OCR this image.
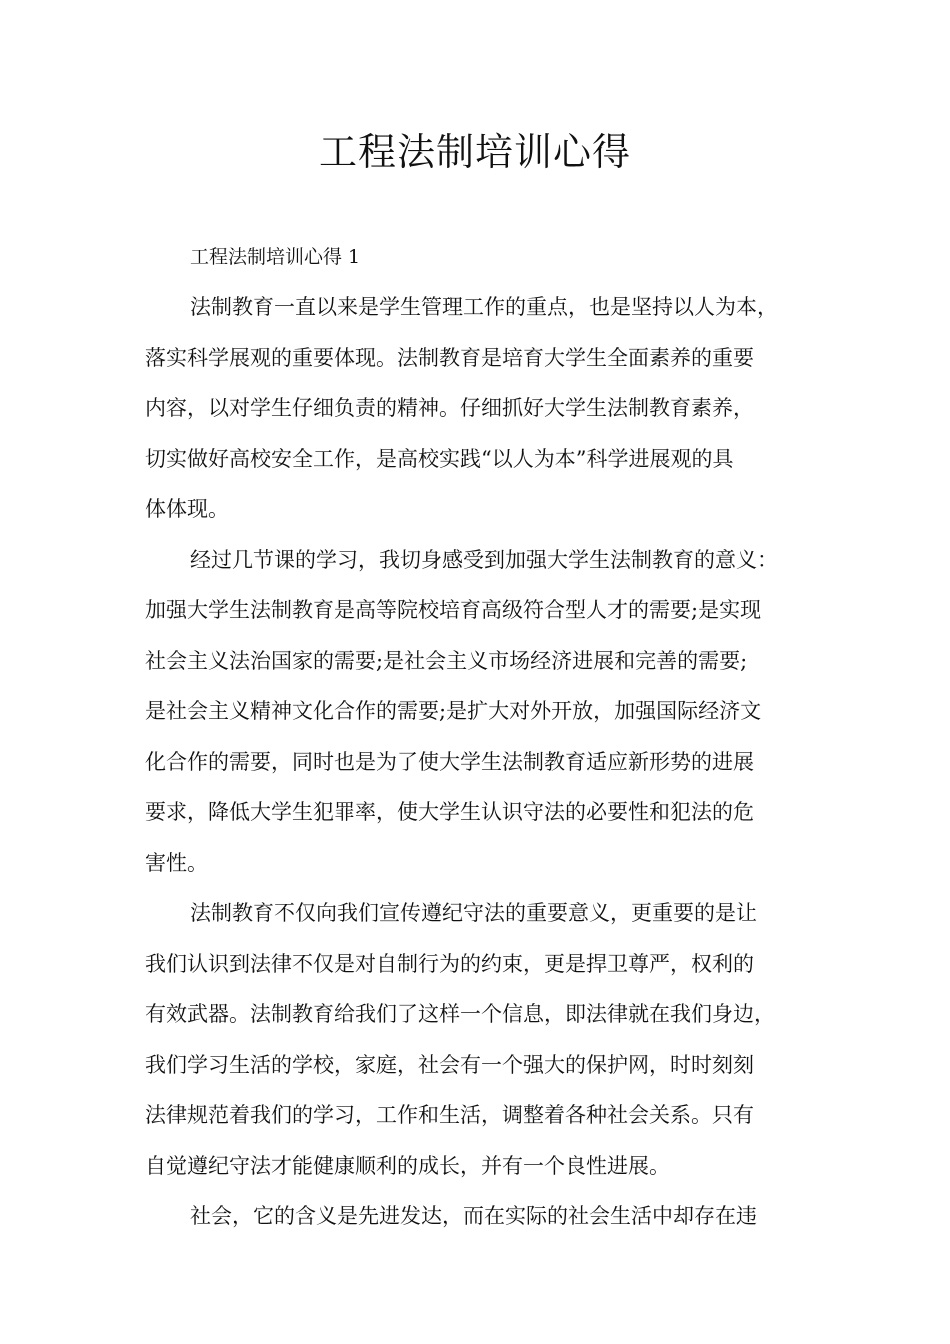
工程法制培训心得
工程法制培训心得 1

法制教育一直以来是学生管理工作的重点，也是坚持以人为本，
落实科学展观的重要体现。法制教育是培育大学生全面素养的重要
内容，以对学生仔细负责的精神。仔细抓好大学生法制教育素养，
切实做好高校安全工作，是高校实践“以人为本”科学进展观的具
体体现。

经过几节课的学习，我切身感受到加强大学生法制教育的意义：
加强大学生法制教育是高等院校培育高级符合型人才的需要;是实现
社会主义法治国家的需要;是社会主义市场经济进展和完善的需要;
是社会主义精神文化合作的需要;是扩大对外开放，加强国际经济文
化合作的需要，同时也是为了使大学生法制教育适应新形势的进展
要求，降低大学生犯罪率，使大学生认识守法的必要性和犯法的危
害性。

法制教育不仅向我们宣传遵纪守法的重要意义，更重要的是让
我们认识到法律不仅是对自制行为的约束，更是捍卫尊严，权利的
有效武器。法制教育给我们了这样一个信息，即法律就在我们身边，
我们学习生活的学校，家庭，社会有一个强大的保护网，时时刻刻
法律规范着我们的学习，工作和生活，调整着各种社会关系。只有
自觉遵纪守法才能健康顺利的成长，并有一个良性进展。

社会，它的含义是先进发达，而在实际的社会生活中却存在违
